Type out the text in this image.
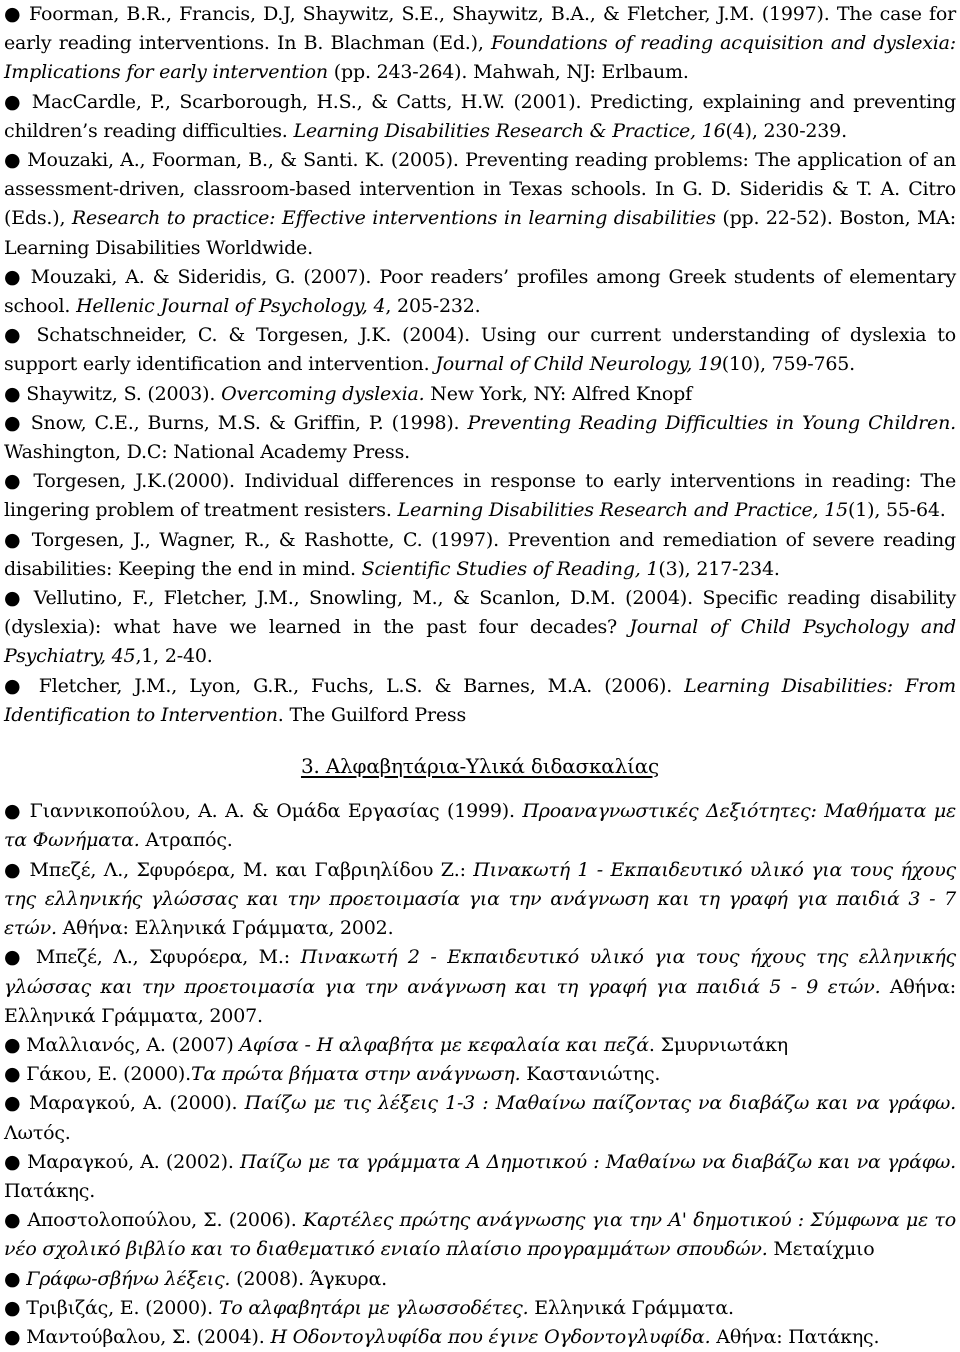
● Foorman, B.R., Francis, D.J, Shaywitz, S.E., Shaywitz, B.A., & Fletcher, J.M. (1997). The case for early reading interventions. In B. Blachman (Ed.), Foundations of reading acquisition and dyslexia: Implications for early intervention (pp. 243-264). Mahwah, NJ: Erlbaum.

● MacCardle, P., Scarborough, H.S., & Catts, H.W. (2001). Predicting, explaining and preventing children’s reading difficulties. Learning Disabilities Research & Practice, 16(4), 230-239.

● Mouzaki, A., Foorman, B., & Santi. K. (2005). Preventing reading problems: The application of an assessment-driven, classroom-based intervention in Texas schools. In G. D. Sideridis & T. A. Citro (Eds.), Research to practice: Effective interventions in learning disabilities (pp. 22-52). Boston, MA: Learning Disabilities Worldwide.

● Mouzaki, A. & Sideridis, G. (2007). Poor readers’ profiles among Greek students of elementary school. Hellenic Journal of Psychology, 4, 205-232.

● Schatschneider, C. & Torgesen, J.K. (2004). Using our current understanding of dyslexia to support early identification and intervention. Journal of Child Neurology, 19(10), 759-765.

● Shaywitz, S. (2003). Overcoming dyslexia. New York, NY: Alfred Knopf

● Snow, C.E., Burns, M.S. & Griffin, P. (1998). Preventing Reading Difficulties in Young Children. Washington, D.C: National Academy Press.

● Torgesen, J.K.(2000). Individual differences in response to early interventions in reading: The lingering problem of treatment resisters. Learning Disabilities Research and Practice, 15(1), 55-64.

● Torgesen, J., Wagner, R., & Rashotte, C. (1997). Prevention and remediation of severe reading disabilities: Keeping the end in mind. Scientific Studies of Reading, 1(3), 217-234.

● Vellutino, F., Fletcher, J.M., Snowling, M., & Scanlon, D.M. (2004). Specific reading disability (dyslexia): what have we learned in the past four decades? Journal of Child Psychology and Psychiatry, 45,1, 2-40.

● Fletcher, J.M., Lyon, G.R., Fuchs, L.S. & Barnes, M.A. (2006). Learning Disabilities: From Identification to Intervention. The Guilford Press

3. Αλφαβητάρια-Υλικά διδασκαλίας

● Γιαννικοπούλου, Α. Α. & Ομάδα Εργασίας (1999). Προαναγνωστικές Δεξιότητες: Μαθήματα με τα Φωνήματα. Ατραπός.

● Μπεζέ, Λ., Σφυρόερα, Μ. και Γαβριηλίδου Ζ.: Πινακωτή 1 - Εκπαιδευτικό υλικό για τους ήχους της ελληνικής γλώσσας και την προετοιμασία για την ανάγνωση και τη γραφή για παιδιά 3 - 7 ετών. Αθήνα: Ελληνικά Γράμματα, 2002.

● Μπεζέ, Λ., Σφυρόερα, Μ.: Πινακωτή 2 - Εκπαιδευτικό υλικό για τους ήχους της ελληνικής γλώσσας και την προετοιμασία για την ανάγνωση και τη γραφή για παιδιά 5 - 9 ετών. Αθήνα: Ελληνικά Γράμματα, 2007.

● Μαλλιανός, Α. (2007) Αφίσα - Η αλφαβήτα με κεφαλαία και πεζά. Σμυρνιωτάκη

● Γάκου, Ε. (2000).Τα πρώτα βήματα στην ανάγνωση. Καστανιώτης.

● Μαραγκού, Α. (2000). Παίζω με τις λέξεις 1-3 : Μαθαίνω παίζοντας να διαβάζω και να γράφω. Λωτός.

● Μαραγκού, Α. (2002). Παίζω με τα γράμματα Α Δημοτικού : Μαθαίνω να διαβάζω και να γράφω. Πατάκης.

● Αποστολοπούλου, Σ. (2006). Καρτέλες πρώτης ανάγνωσης για την Α' δημοτικού : Σύμφωνα με το νέο σχολικό βιβλίο και το διαθεματικό ενιαίο πλαίσιο προγραμμάτων σπουδών. Μεταίχμιο

● Γράφω-σβήνω λέξεις. (2008). Άγκυρα.

● Τριβιζάς, Ε. (2000). Το αλφαβητάρι με γλωσσοδέτες. Ελληνικά Γράμματα.

● Μαντούβαλου, Σ. (2004). Η Οδοντογλυφίδα που έγινε Ογδοντογλυφίδα. Αθήνα: Πατάκης.
